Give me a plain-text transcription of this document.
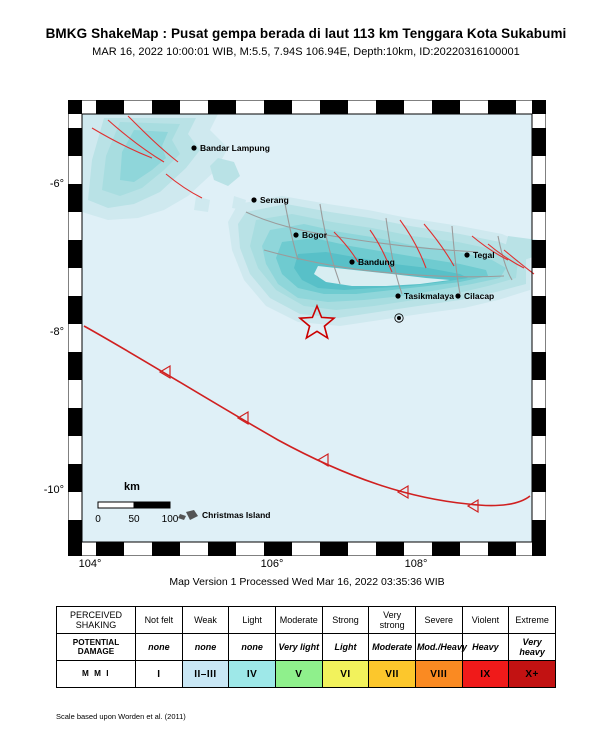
BMKG ShakeMap : Pusat gempa berada di laut 113 km Tenggara Kota Sukabumi
MAR 16, 2022 10:00:01 WIB, M:5.5, 7.94S 106.94E, Depth:10km, ID:20220316100001
-6°
-8°
-10°
Bandar Lampung
Serang
Bogor
Bandung
Tegal
Tasikmalaya Cilacap
km
0	50 100	Christmas Island
104°	106°	108°
Map Version 1 Processed Wed Mar 16, 2022 03:35:36 WIB
PERCEIVED SHAKING	Not felt	Weak	Light	Moderate	Strong	Very strong	Severe	Violent	Extreme
POTENTIAL DAMAGE	none	none	none	Very light	Light	Moderate	Mod./Heavy	Heavy	Very heavy
M M I	I	II–III	IV	V	VI	VII	VIII	IX	X+
Scale based upon Worden et al. (2011)
